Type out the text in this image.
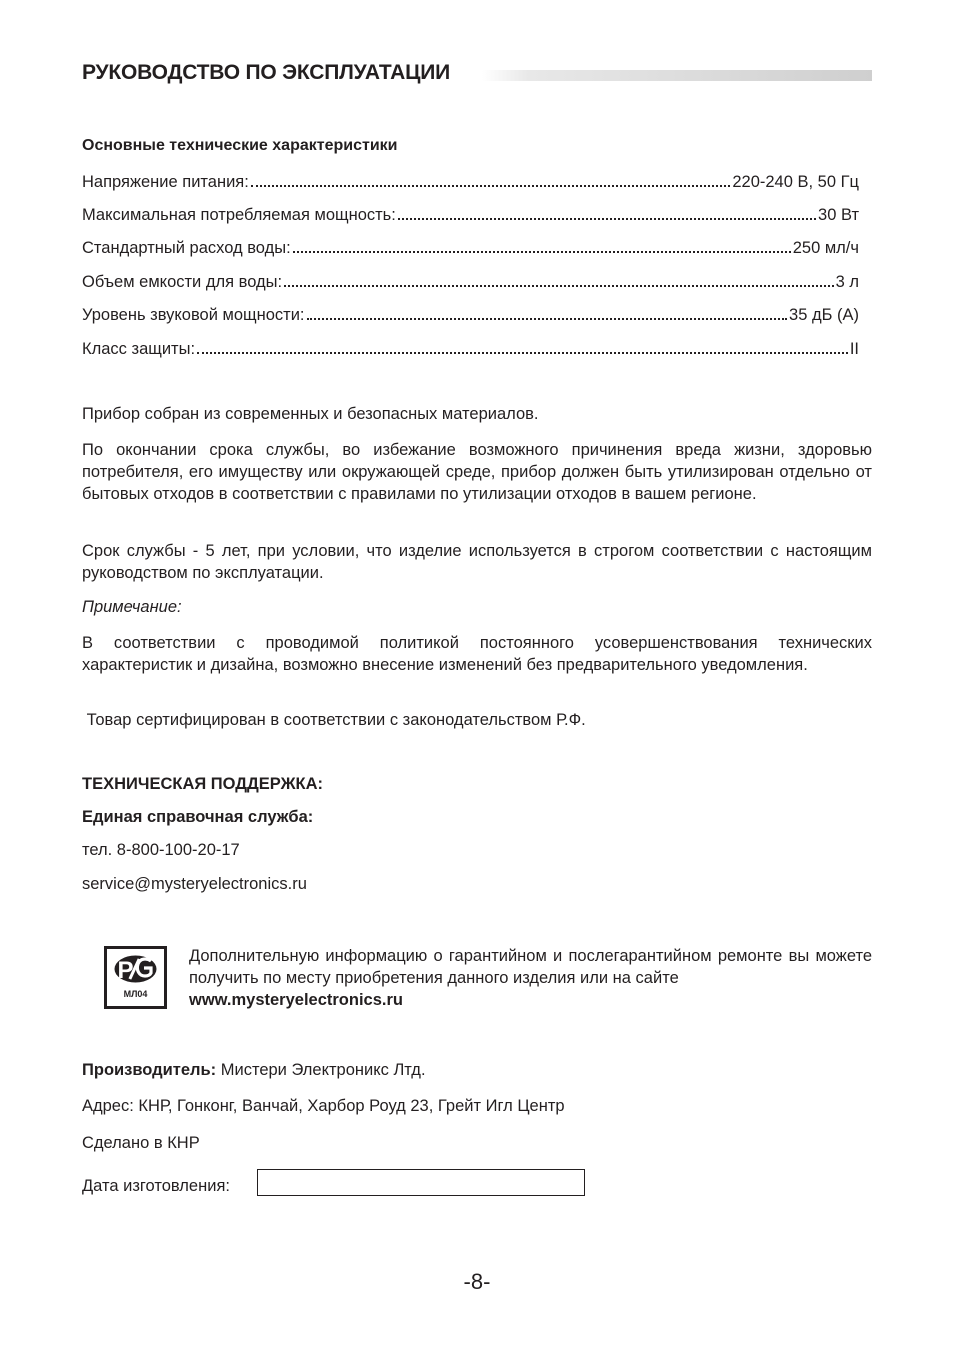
РУКОВОДСТВО ПО ЭКСПЛУАТАЦИИ
Основные технические характеристики
Напряжение питания:	220-240 В, 50 Гц
Максимальная потребляемая мощность:	30 Вт
Стандартный расход воды:	250 мл/ч
Объем емкости для воды:	3 л
Уровень звуковой мощности:	35 дБ (А)
Класс защиты:	II
Прибор собран из современных и безопасных материалов.
По окончании срока службы, во избежание возможного причинения вреда жизни, здоровью потребителя, его имуществу или окружающей среде, прибор должен быть утилизирован отдельно от бытовых отходов в соответствии с правилами по утилизации отходов в вашем регионе.
Срок службы - 5 лет, при условии, что изделие используется в строгом соответствии с настоящим руководством по эксплуатации.
Примечание:
В соответствии с проводимой политикой постоянного усовершенствования технических характеристик и дизайна, возможно внесение изменений без предварительного уведомления.
Товар сертифицирован в соответствии с законодательством Р.Ф.
ТЕХНИЧЕСКАЯ ПОДДЕРЖКА:
Единая справочная служба:
тел. 8-800-100-20-17
service@mysteryelectronics.ru
P
МЛ04
Дополнительную информацию о гарантийном и послегарантийном ремонте вы можете получить по месту приобретения данного изделия или на сайте
www.mysteryelectronics.ru
Производитель: Мистери Электроникс Лтд.
Адрес: КНР, Гонконг, Ванчай, Харбор Роуд 23, Грейт Игл Центр
Сделано в КНР
Дата изготовления:
-8-
